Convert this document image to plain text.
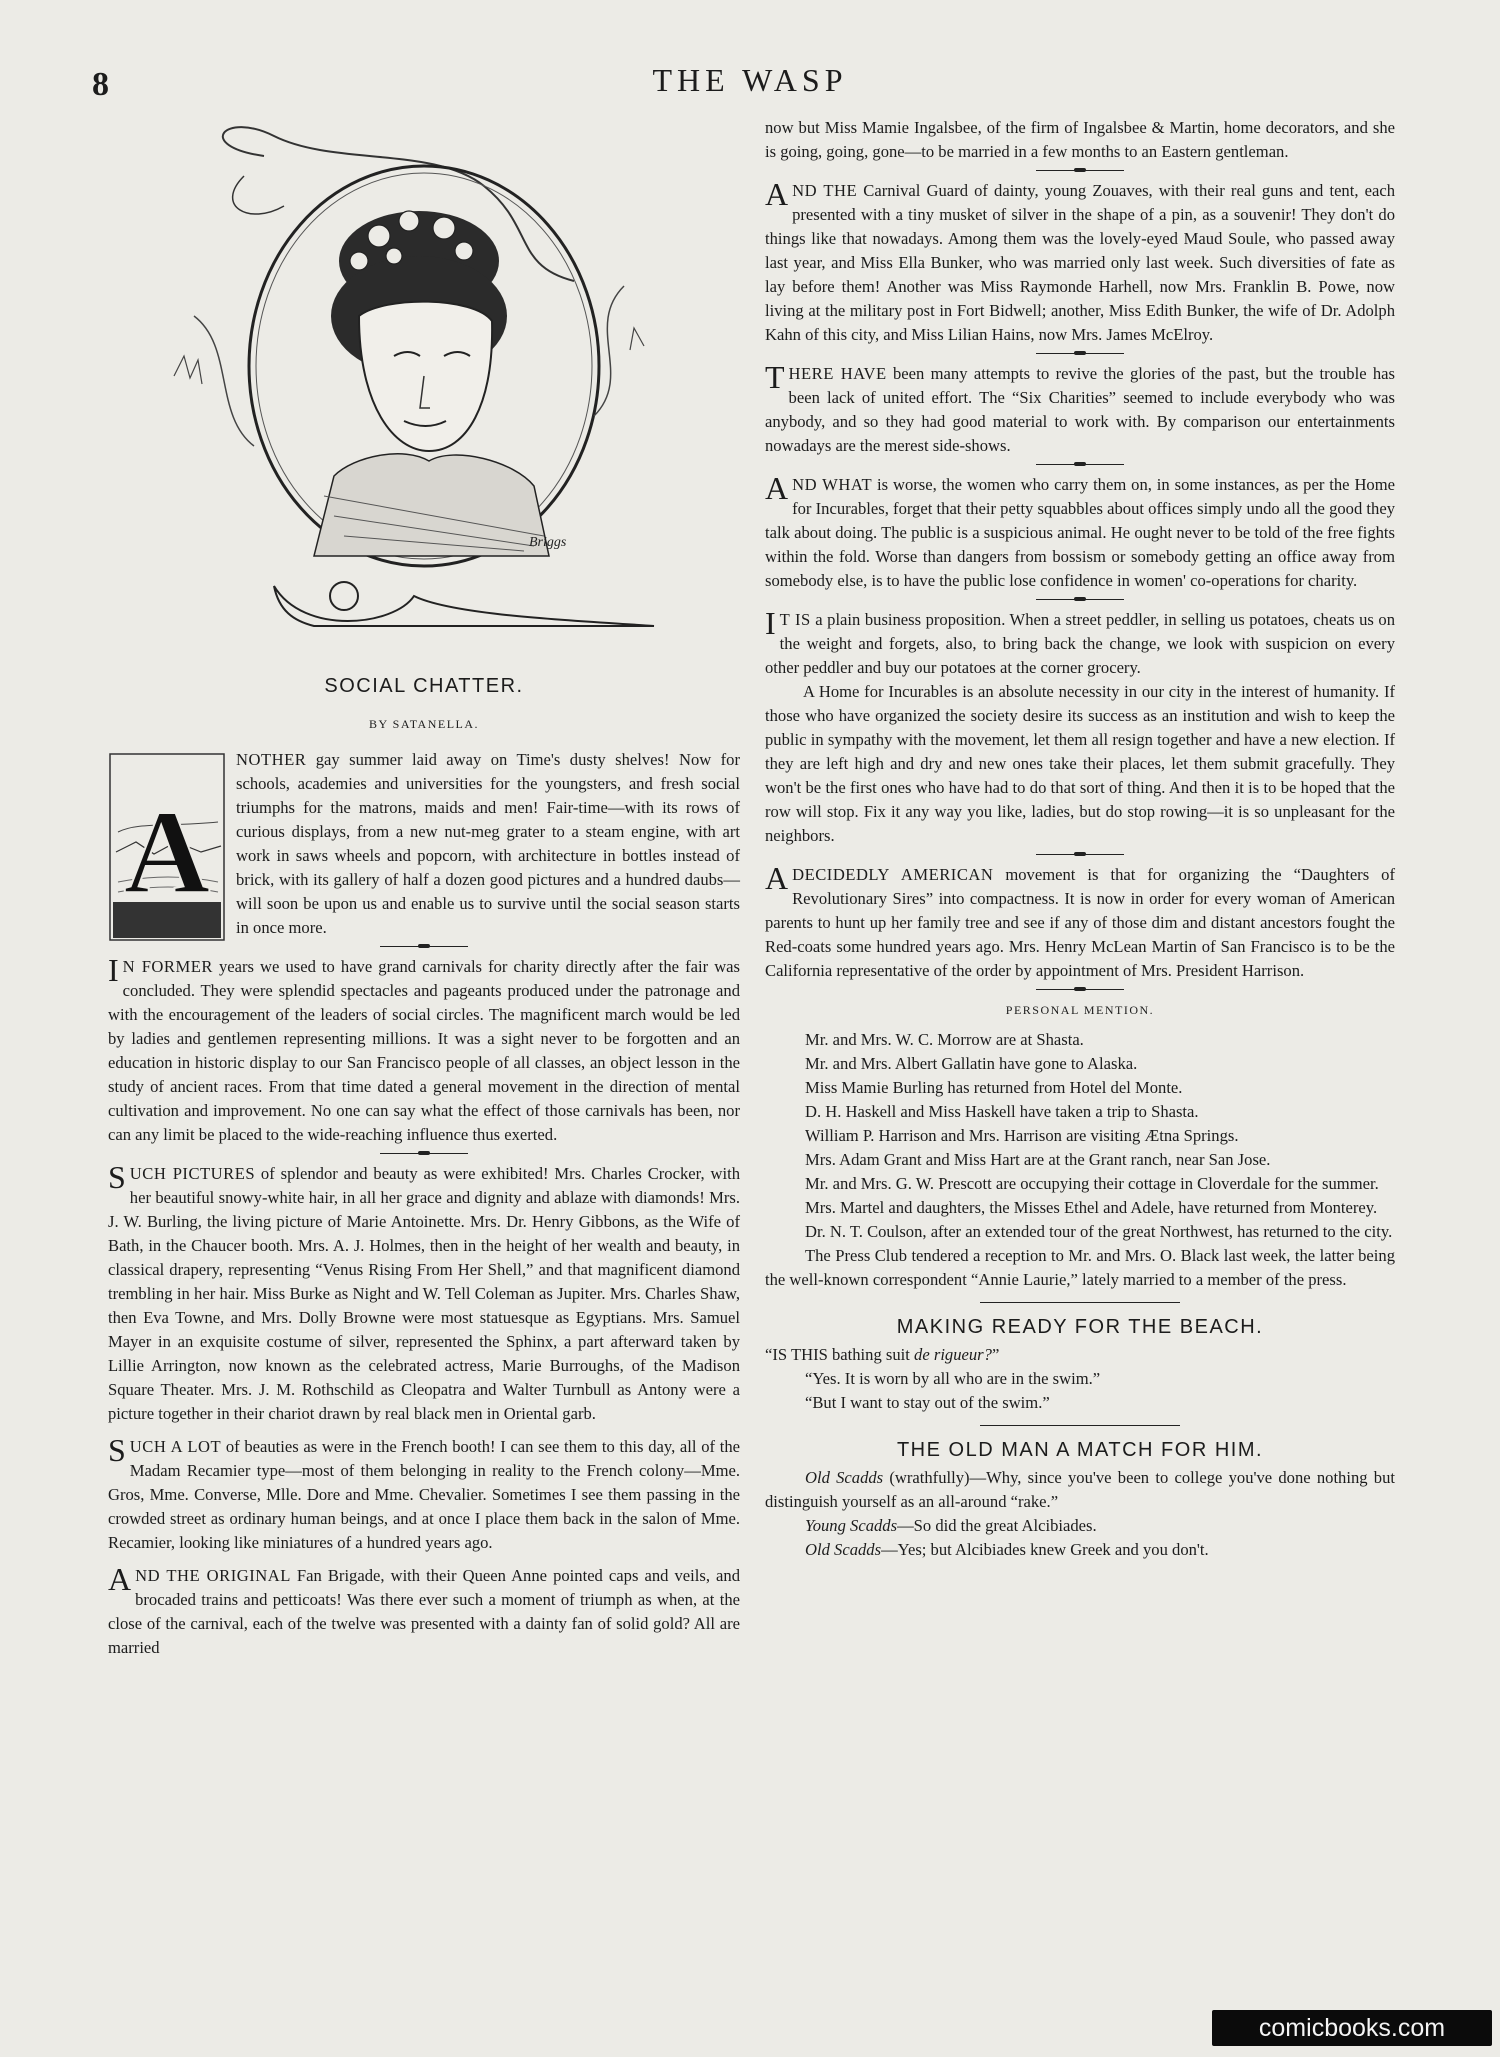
8	THE WASP
Briggs
SOCIAL CHATTER.
BY SATANELLA.

A
NOTHER gay summer laid away on Time's dusty shelves! Now for schools, academies and universities for the youngsters, and fresh social triumphs for the matrons, maids and men! Fair-time—with its rows of curious displays, from a new nut-meg grater to a steam engine, with art work in saws wheels and popcorn, with architecture in bottles instead of brick, with its gallery of half a dozen good pictures and a hundred daubs—will soon be upon us and enable us to survive until the social season starts in once more.

I N FORMER years we used to have grand carnivals for charity directly after the fair was concluded. They were splendid spectacles and pageants produced under the patronage and with the encouragement of the leaders of social circles. The magnificent march would be led by ladies and gentlemen representing millions. It was a sight never to be forgotten and an education in historic display to our San Francisco people of all classes, an object lesson in the study of ancient races. From that time dated a general movement in the direction of mental cultivation and improvement. No one can say what the effect of those carnivals has been, nor can any limit be placed to the wide-reaching influence thus exerted.

SUCH PICTURES of splendor and beauty as were exhibited! Mrs. Charles Crocker, with her beautiful snowy-white hair, in all her grace and dignity and ablaze with diamonds! Mrs. J. W. Burling, the living picture of Marie Antoinette. Mrs. Dr. Henry Gibbons, as the Wife of Bath, in the Chaucer booth. Mrs. A. J. Holmes, then in the height of her wealth and beauty, in classical drapery, representing “Venus Rising From Her Shell,” and that magnificent diamond trembling in her hair. Miss Burke as Night and W. Tell Coleman as Jupiter. Mrs. Charles Shaw, then Eva Towne, and Mrs. Dolly Browne were most statuesque as Egyptians. Mrs. Samuel Mayer in an exquisite costume of silver, represented the Sphinx, a part afterward taken by Lillie Arrington, now known as the celebrated actress, Marie Burroughs, of the Madison Square Theater. Mrs. J. M. Rothschild as Cleopatra and Walter Turnbull as Antony were a picture together in their chariot drawn by real black men in Oriental garb.

SUCH A LOT of beauties as were in the French booth! I can see them to this day, all of the Madam Recamier type—most of them belonging in reality to the French colony—Mme. Gros, Mme. Converse, Mlle. Dore and Mme. Chevalier. Sometimes I see them passing in the crowded street as ordinary human beings, and at once I place them back in the salon of Mme. Recamier, looking like miniatures of a hundred years ago.

AND THE ORIGINAL Fan Brigade, with their Queen Anne pointed caps and veils, and brocaded trains and petticoats! Was there ever such a moment of triumph as when, at the close of the carnival, each of the twelve was presented with a dainty fan of solid gold? All are married

now but Miss Mamie Ingalsbee, of the firm of Ingalsbee & Martin, home decorators, and she is going, going, gone—to be married in a few months to an Eastern gentleman.

AND THE Carnival Guard of dainty, young Zouaves, with their real guns and tent, each presented with a tiny musket of silver in the shape of a pin, as a souvenir! They don't do things like that nowadays. Among them was the lovely-eyed Maud Soule, who passed away last year, and Miss Ella Bunker, who was married only last week. Such diversities of fate as lay before them! Another was Miss Raymonde Harhell, now Mrs. Franklin B. Powe, now living at the military post in Fort Bidwell; another, Miss Edith Bunker, the wife of Dr. Adolph Kahn of this city, and Miss Lilian Hains, now Mrs. James McElroy.

THERE HAVE been many attempts to revive the glories of the past, but the trouble has been lack of united effort. The “Six Charities” seemed to include everybody who was anybody, and so they had good material to work with. By comparison our entertainments nowadays are the merest side-shows.

AND WHAT is worse, the women who carry them on, in some instances, as per the Home for Incurables, forget that their petty squabbles about offices simply undo all the good they talk about doing. The public is a suspicious animal. He ought never to be told of the free fights within the fold. Worse than dangers from bossism or somebody getting an office away from somebody else, is to have the public lose confidence in women' co-operations for charity.

I T IS a plain business proposition. When a street peddler, in selling us potatoes, cheats us on the weight and forgets, also, to bring back the change, we look with suspicion on every other peddler and buy our potatoes at the corner grocery.

A Home for Incurables is an absolute necessity in our city in the interest of humanity. If those who have organized the society desire its success as an institution and wish to keep the public in sympathy with the movement, let them all resign together and have a new election. If they are left high and dry and new ones take their places, let them submit gracefully. They won't be the first ones who have had to do that sort of thing. And then it is to be hoped that the row will stop. Fix it any way you like, ladies, but do stop rowing—it is so unpleasant for the neighbors.

A DECIDEDLY AMERICAN movement is that for organizing the “Daughters of Revolutionary Sires” into compactness. It is now in order for every woman of American parents to hunt up her family tree and see if any of those dim and distant ancestors fought the Red-coats some hundred years ago. Mrs. Henry McLean Martin of San Francisco is to be the California representative of the order by appointment of Mrs. President Harrison.

PERSONAL MENTION.

Mr. and Mrs. W. C. Morrow are at Shasta.

Mr. and Mrs. Albert Gallatin have gone to Alaska.

Miss Mamie Burling has returned from Hotel del Monte.

D. H. Haskell and Miss Haskell have taken a trip to Shasta.

William P. Harrison and Mrs. Harrison are visiting Ætna Springs.

Mrs. Adam Grant and Miss Hart are at the Grant ranch, near San Jose.

Mr. and Mrs. G. W. Prescott are occupying their cottage in Cloverdale for the summer.

Mrs. Martel and daughters, the Misses Ethel and Adele, have returned from Monterey.

Dr. N. T. Coulson, after an extended tour of the great Northwest, has returned to the city.

The Press Club tendered a reception to Mr. and Mrs. O. Black last week, the latter being the well-known correspondent “Annie Laurie,” lately married to a member of the press.

MAKING READY FOR THE BEACH.

“IS THIS bathing suit de rigueur?”

“Yes. It is worn by all who are in the swim.”

“But I want to stay out of the swim.”

THE OLD MAN A MATCH FOR HIM.

Old Scadds (wrathfully)—Why, since you've been to college you've done nothing but distinguish yourself as an all-around “rake.”

Young Scadds—So did the great Alcibiades.

Old Scadds—Yes; but Alcibiades knew Greek and you don't.

comicbooks.com
